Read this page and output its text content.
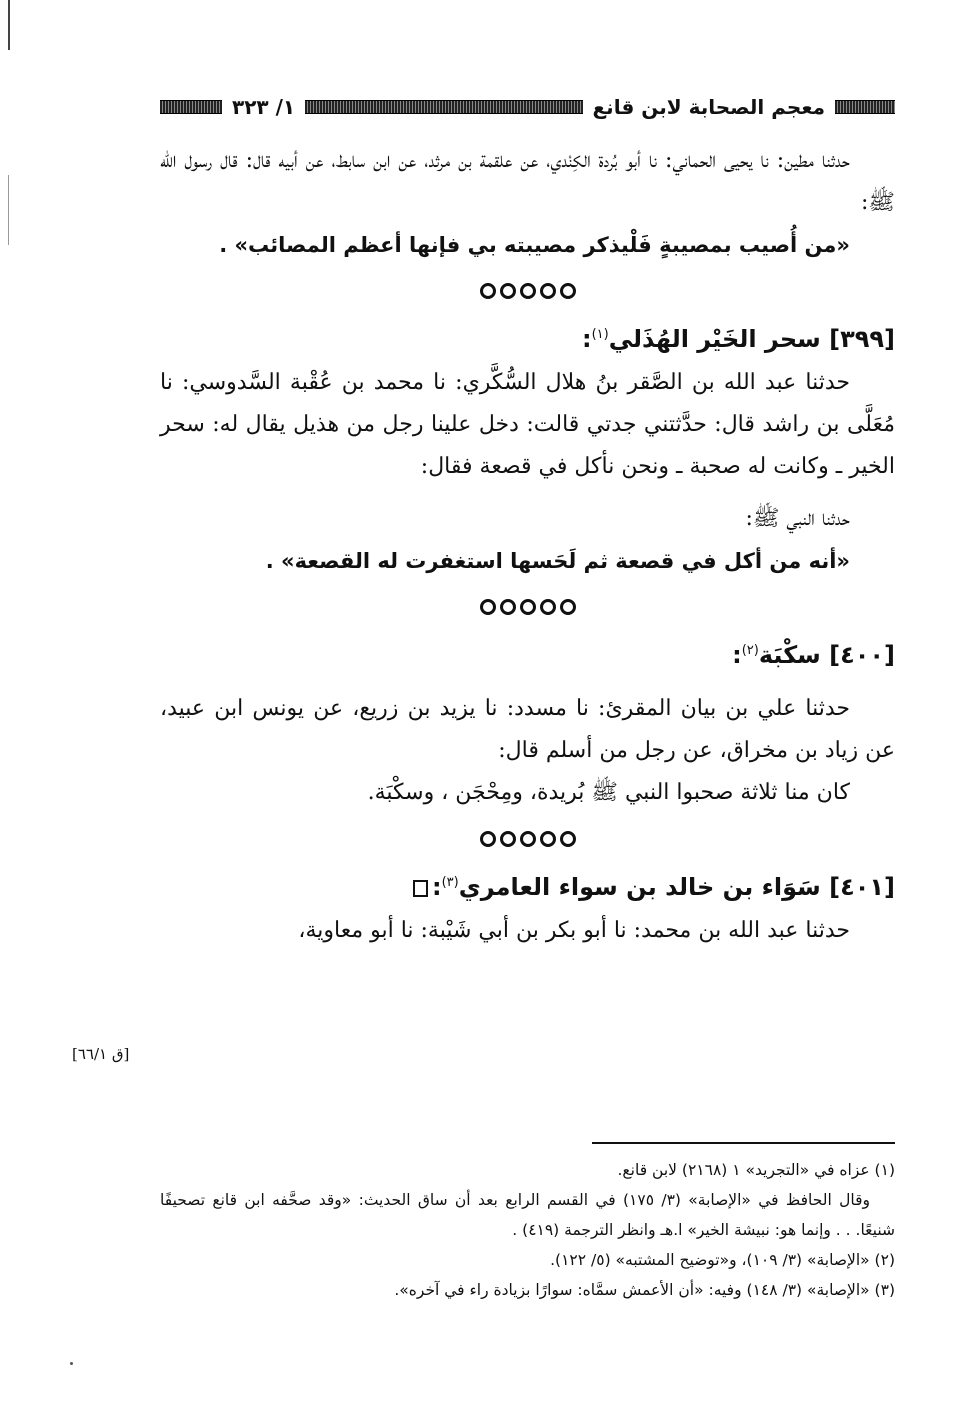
معجم الصحابة لابن قانع
١/ ٣٢٣

حدثنا مطين: نا يحيى الحماني: نا أبو بُردة الكِنْدي، عن علقمة بن مرثد، عن ابن سابط، عن أبيه قال: قال رسول الله ﷺ:

«من أُصيب بمصيبةٍ فَلْيذكر مصيبته بي فإنها أعظم المصائب» .

[٣٩٩] سحر الخَيْر الهُذَلي$^{(١)}$:

حدثنا عبد الله بن الصَّقر بنُ هلال السُّكَّري: نا محمد بن عُقْبة السَّدوسي: نا مُعَلَّى بن راشد قال: حدَّثتني جدتي قالت: دخل علينا رجل من هذيل يقال له: سحر الخير ـ وكانت له صحبة ـ ونحن نأكل في قصعة فقال:

حدثنا النبي ﷺ:

«أنه من أكل في قصعة ثم لَحَسها استغفرت له القصعة» .

[٤٠٠] سكْبَة$^{(٢)}$:

حدثنا علي بن بيان المقرئ: نا مسدد: نا يزيد بن زريع، عن يونس ابن عبيد، عن زياد بن مخراق، عن رجل من أسلم قال:

كان منا ثلاثة صحبوا النبي ﷺ بُريدة، ومِحْجَن ، وسكْبَة.

[٤٠١] سَوَاء بن خالد بن سواء العامري$^{(٣)}$:

حدثنا عبد الله بن محمد: نا أبو بكر بن أبي شَيْبة: نا أبو معاوية،

[ق ٦٦/١]

(١) عزاه في «التجريد» ١ (٢١٦٨) لابن قانع.

وقال الحافظ في «الإصابة» (٣/ ١٧٥) في القسم الرابع بعد أن ساق الحديث: «وقد صحَّفه ابن قانع تصحيفًا شنيعًا. . . وإنما هو: نبيشة الخير» ا.هـ وانظر الترجمة (٤١٩) .

(٢) «الإصابة» (٣/ ١٠٩)، و«توضيح المشتبه» (٥/ ١٢٢).

(٣) «الإصابة» (٣/ ١٤٨) وفيه: «أن الأعمش سمَّاه: سوارًا بزيادة راء في آخره».
